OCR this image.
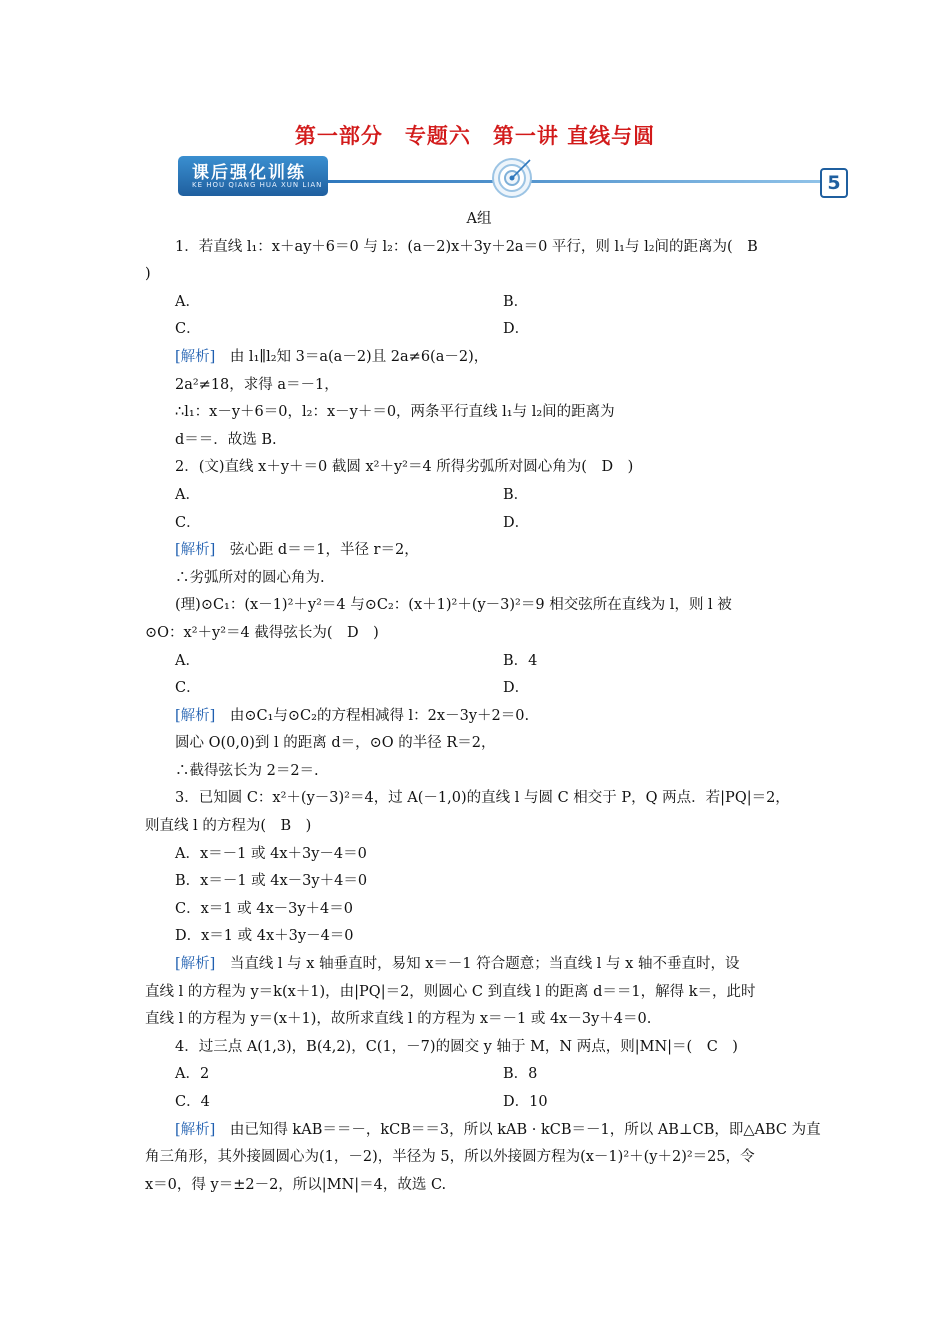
第一部分　专题六　第一讲 直线与圆
课后强化训练
KE HOU QIANG HUA XUN LIAN	5

A组

1．若直线 l₁：x＋ay＋6＝0 与 l₂：(a－2)x＋3y＋2a＝0 平行，则 l₁与 l₂间的距离为(　B

)

A．	B．
C．	D．

[解析]　由 l₁∥l₂知 3＝a(a－2)且 2a≠6(a－2)，

2a²≠18，求得 a＝－1，

∴l₁：x－y＋6＝0，l₂：x－y＋＝0，两条平行直线 l₁与 l₂间的距离为

d＝＝．故选 B.

2．(文)直线 x＋y＋＝0 截圆 x²＋y²＝4 所得劣弧所对圆心角为(　D　)

A．	B．
C．	D．

[解析]　弦心距 d＝＝1，半径 r＝2，

∴劣弧所对的圆心角为.

(理)⊙C₁：(x－1)²＋y²＝4 与⊙C₂：(x＋1)²＋(y－3)²＝9 相交弦所在直线为 l，则 l 被

⊙O：x²＋y²＝4 截得弦长为(　D　)

A．	B．4
C．	D．

[解析]　由⊙C₁与⊙C₂的方程相减得 l：2x－3y＋2＝0.

圆心 O(0,0)到 l 的距离 d＝，⊙O 的半径 R＝2，

∴截得弦长为 2＝2＝.

3．已知圆 C：x²＋(y－3)²＝4，过 A(－1,0)的直线 l 与圆 C 相交于 P，Q 两点．若|PQ|＝2，

则直线 l 的方程为(　B　)

A．x＝－1 或 4x＋3y－4＝0

B．x＝－1 或 4x－3y＋4＝0

C．x＝1 或 4x－3y＋4＝0

D．x＝1 或 4x＋3y－4＝0

[解析]　当直线 l 与 x 轴垂直时，易知 x＝－1 符合题意；当直线 l 与 x 轴不垂直时，设

直线 l 的方程为 y＝k(x＋1)，由|PQ|＝2，则圆心 C 到直线 l 的距离 d＝＝1，解得 k＝，此时

直线 l 的方程为 y＝(x＋1)，故所求直线 l 的方程为 x＝－1 或 4x－3y＋4＝0.

4．过三点 A(1,3)，B(4,2)，C(1，－7)的圆交 y 轴于 M，N 两点，则|MN|＝(　C　)

A．2	B．8
C．4	D．10

[解析]　由已知得 kAB＝＝－，kCB＝＝3，所以 kAB · kCB＝－1，所以 AB⊥CB，即△ABC 为直

角三角形，其外接圆圆心为(1，－2)，半径为 5，所以外接圆方程为(x－1)²＋(y＋2)²＝25，令

x＝0，得 y＝±2－2，所以|MN|＝4，故选 C.
